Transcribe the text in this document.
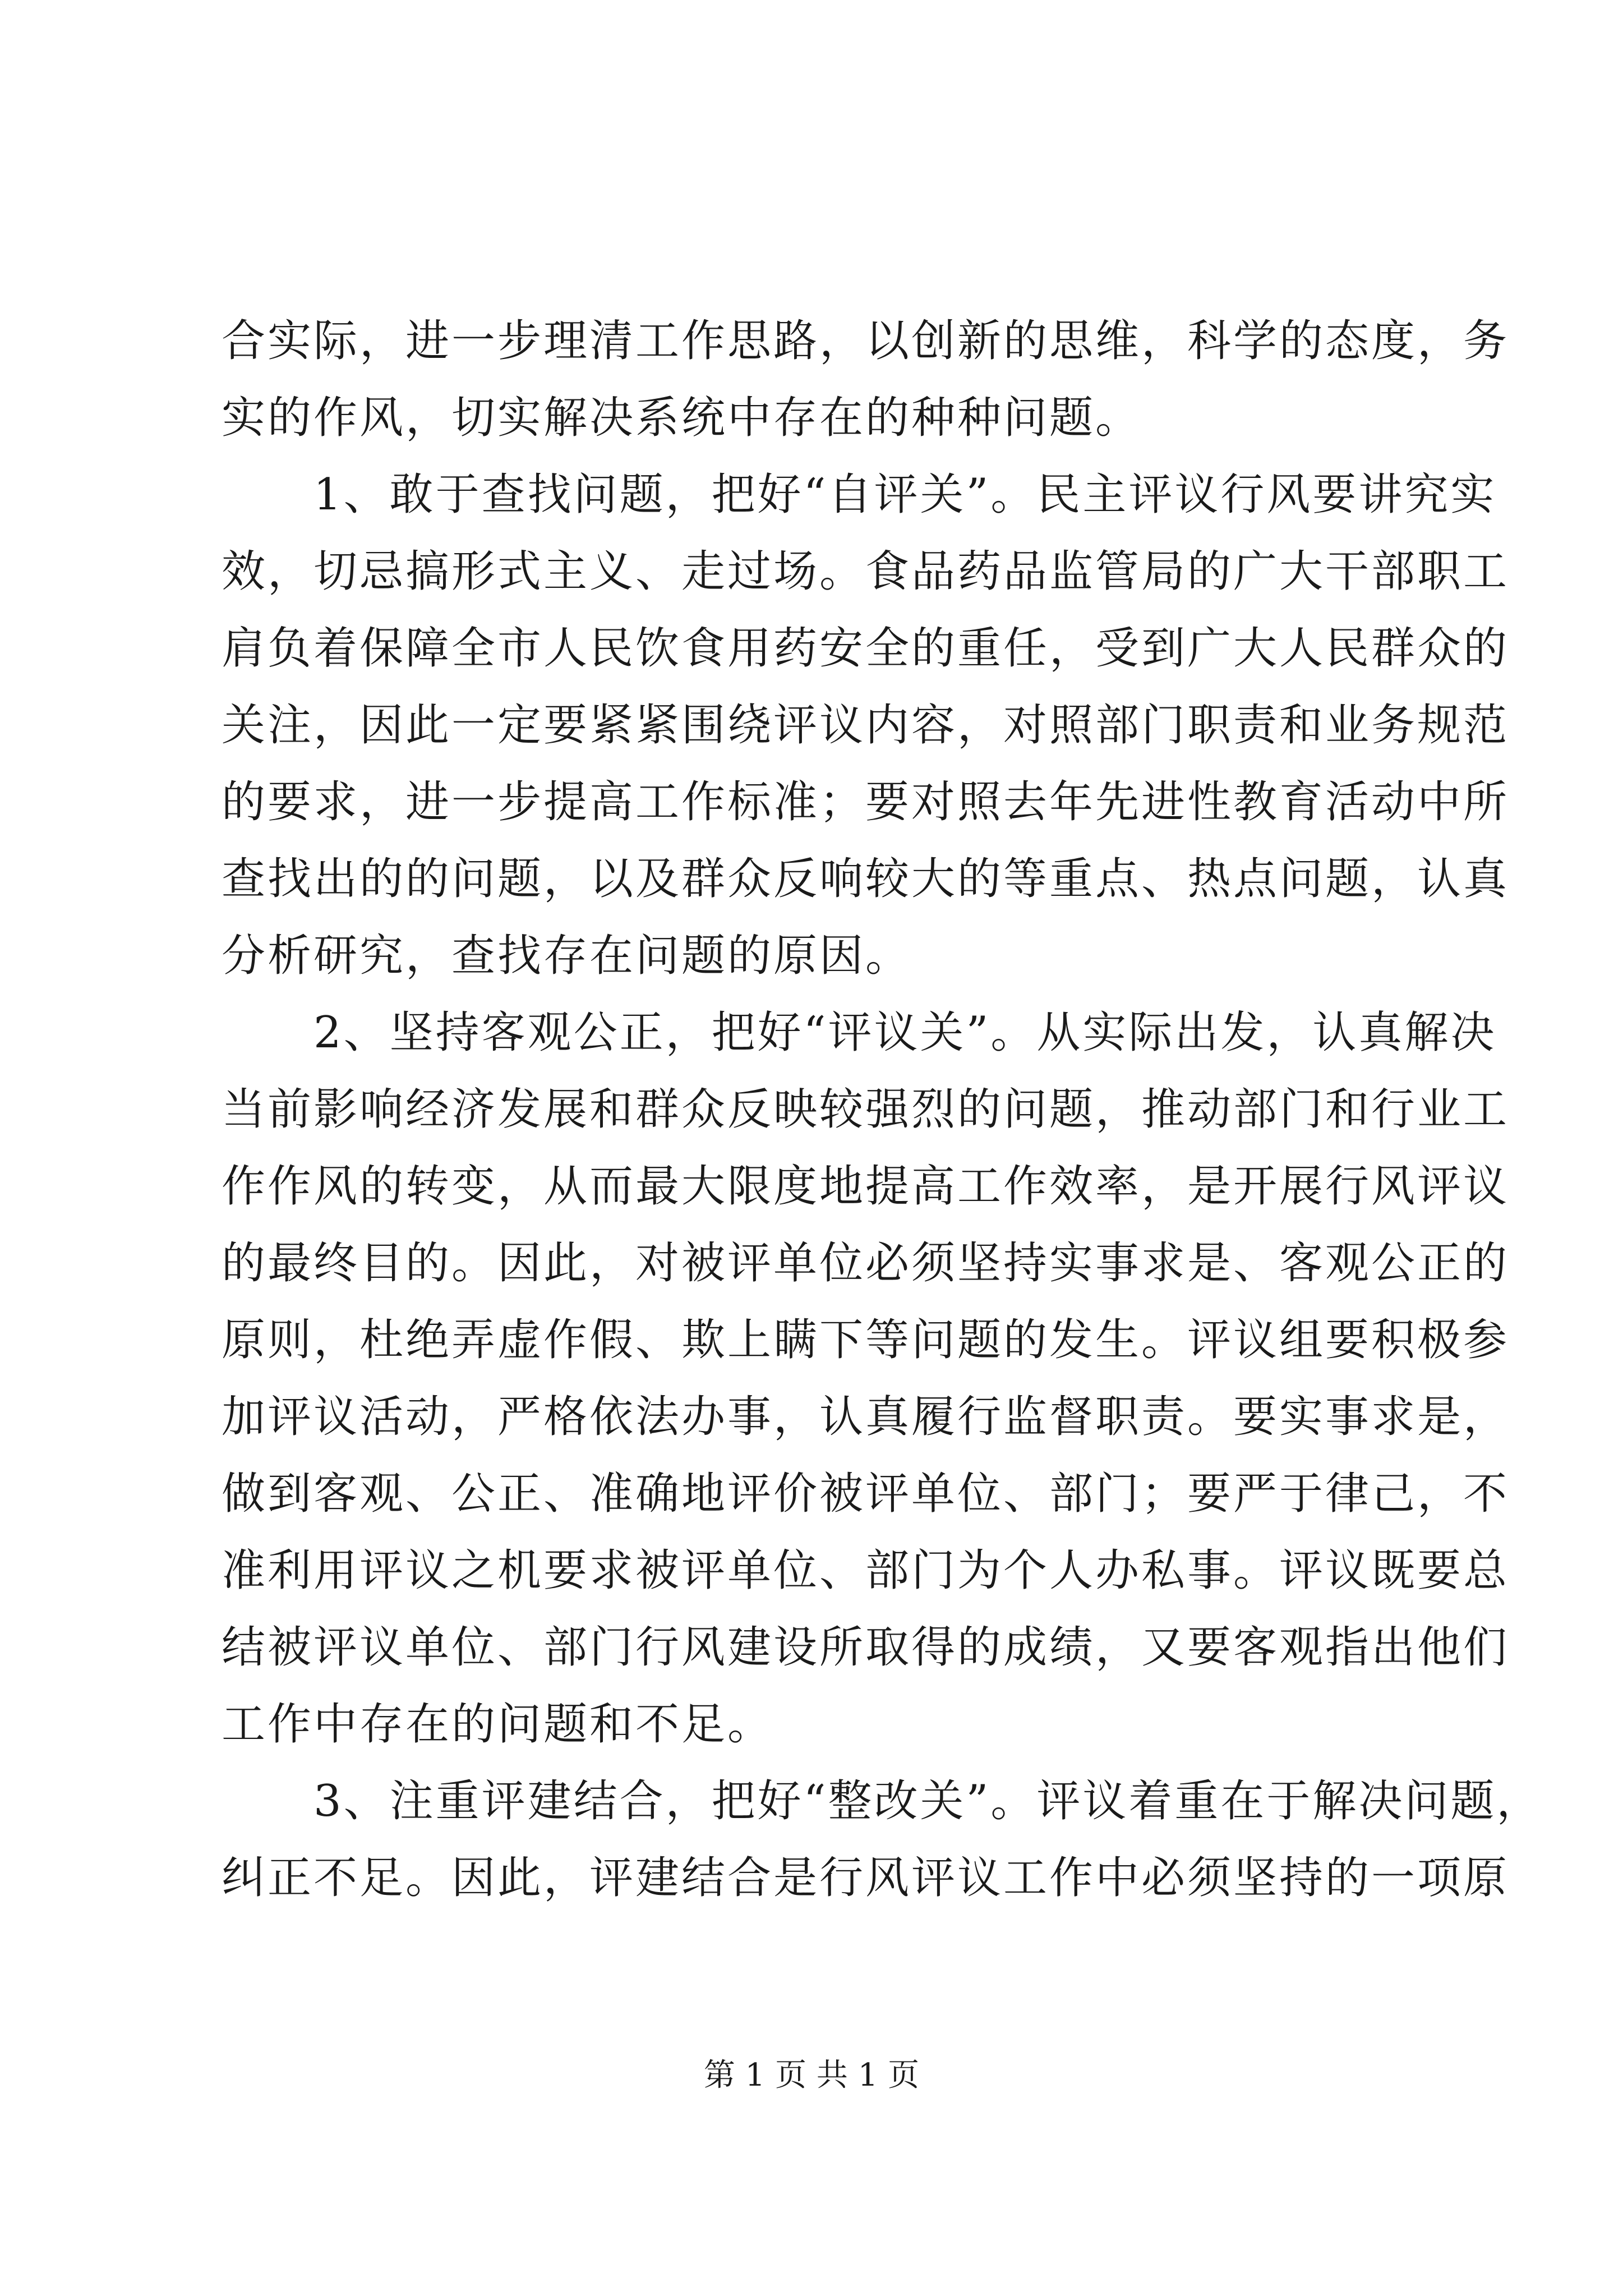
合实际，进一步理清工作思路，以创新的思维，科学的态度，务
实的作风，切实解决系统中存在的种种问题。
　　1、敢于查找问题，把好“自评关”。民主评议行风要讲究实
效，切忌搞形式主义、走过场。食品药品监管局的广大干部职工
肩负着保障全市人民饮食用药安全的重任，受到广大人民群众的
关注，因此一定要紧紧围绕评议内容，对照部门职责和业务规范
的要求，进一步提高工作标准；要对照去年先进性教育活动中所
查找出的的问题，以及群众反响较大的等重点、热点问题，认真
分析研究，查找存在问题的原因。
　　2、坚持客观公正，把好“评议关”。从实际出发，认真解决
当前影响经济发展和群众反映较强烈的问题，推动部门和行业工
作作风的转变，从而最大限度地提高工作效率，是开展行风评议
的最终目的。因此，对被评单位必须坚持实事求是、客观公正的
原则，杜绝弄虚作假、欺上瞒下等问题的发生。评议组要积极参
加评议活动，严格依法办事，认真履行监督职责。要实事求是，
做到客观、公正、准确地评价被评单位、部门；要严于律己，不
准利用评议之机要求被评单位、部门为个人办私事。评议既要总
结被评议单位、部门行风建设所取得的成绩，又要客观指出他们
工作中存在的问题和不足。
　　3、注重评建结合，把好“整改关”。评议着重在于解决问题，
纠正不足。因此，评建结合是行风评议工作中必须坚持的一项原
第 1 页 共 1 页
